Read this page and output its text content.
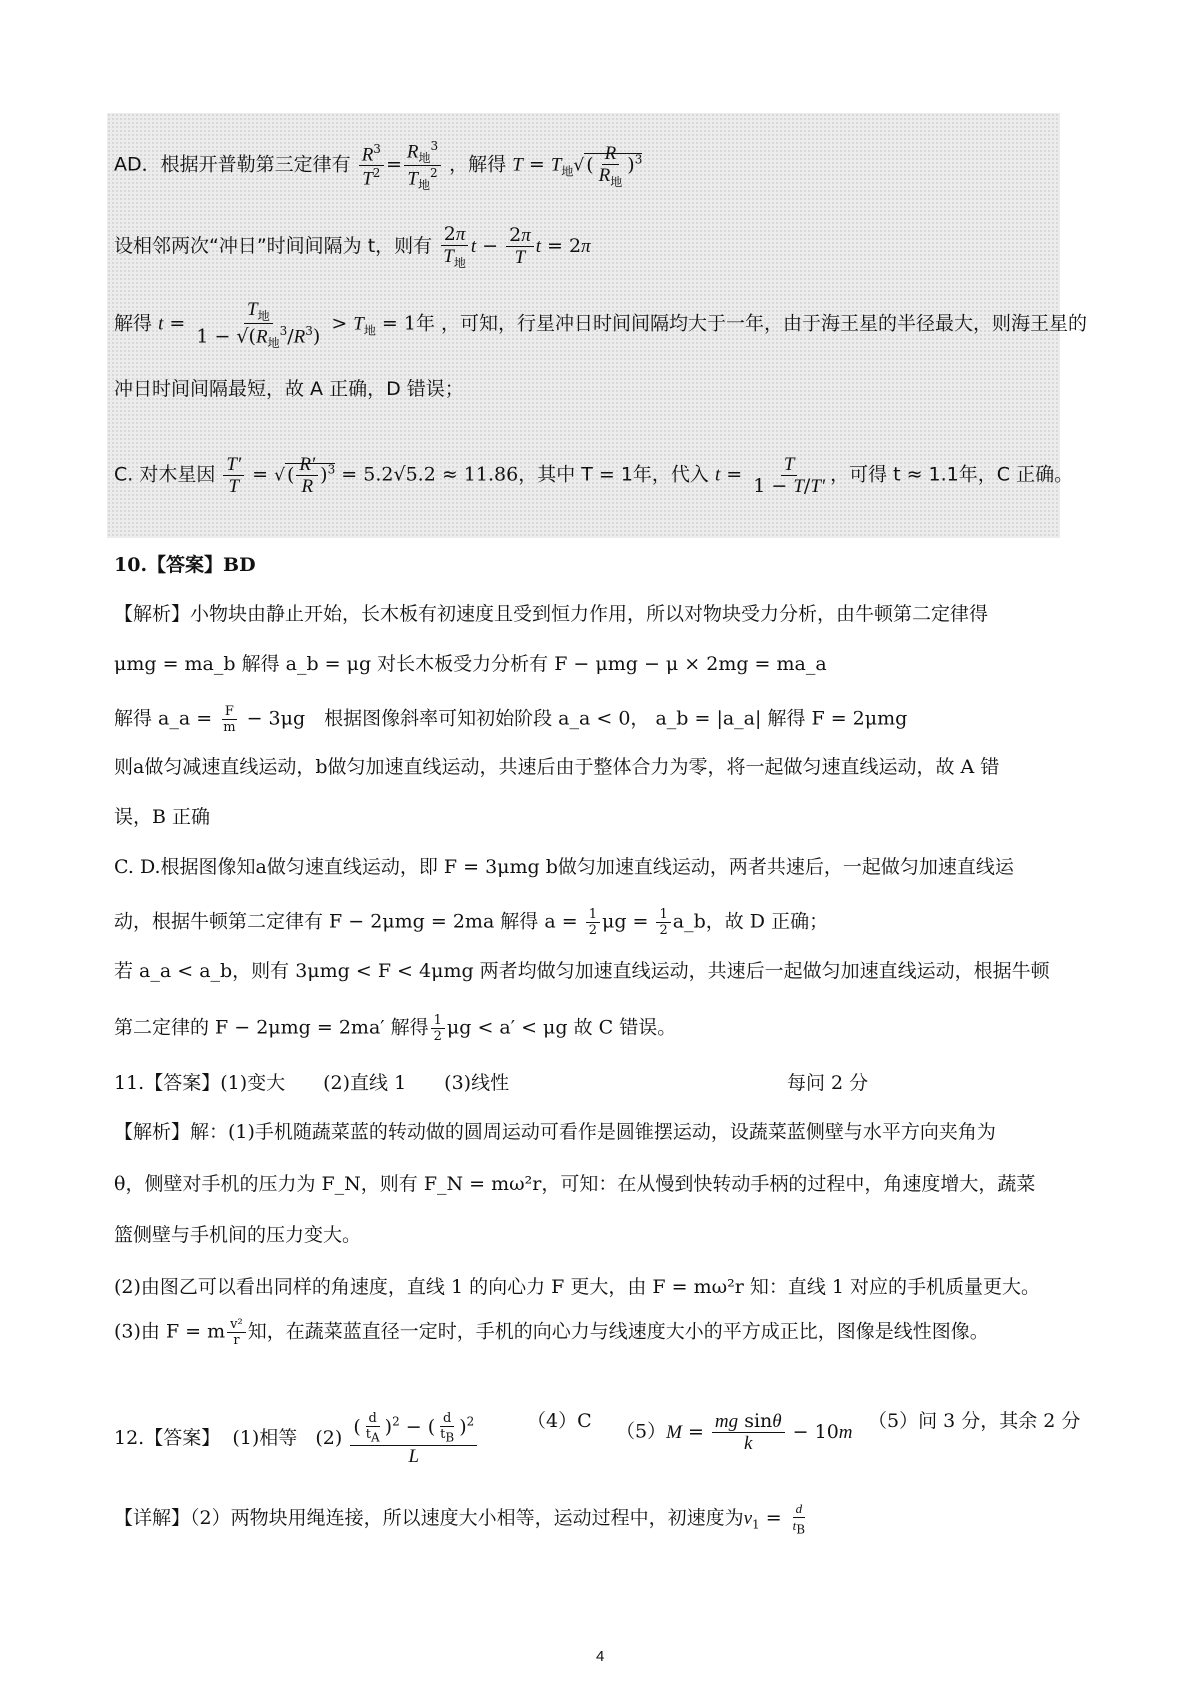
AD．根据开普勒第三定律有 $\frac{R^3}{T^2} = \frac{R_地^3}{T_地^2}$ ，解得 $T = T_地√$ ( $\frac{R}{R_地} )^3$
设相邻两次“冲日”时间间隔为 t，则有 $\frac{2\pi}{T_地}$ $t - \frac{2\pi}{T}$ t = 2π
解得 $t = \frac{T_地}{1 - √(R_地^3/R^3)} > T_地 = 1$年 ，可知，行星冲日时间间隔均大于一年，由于海王星的半径最大，则海王星的
冲日时间间隔最短，故 A 正确，D 错误；
C. 对木星因 $\frac{T'}{T}$ = √ ( $\frac{R'}{R} )^3 = 5.2√5.2 \approx 11.86$，其中 T = 1年，代入 $t = \frac{T}{1 - T/T'}$ ，可得 t ≈ 1.1年，C 正确。
10.【答案】BD
【解析】小物块由静止开始，长木板有初速度且受到恒力作用，所以对物块受力分析，由牛顿第二定律得
μmg = ma_b 解得 a_b = μg 对长木板受力分析有 F − μmg − μ × 2mg = ma_a
解得 a_a = $\frac{F}{m} - 3\mu g$　根据图像斜率可知初始阶段 a_a < 0， a_b = |a_a| 解得 F = 2μmg
则a做匀减速直线运动，b做匀加速直线运动，共速后由于整体合力为零，将一起做匀速直线运动，故 A 错
误，B 正确
C. D.根据图像知a做匀速直线运动，即 F = 3μmg b做匀加速直线运动，两者共速后，一起做匀加速直线运
动，根据牛顿第二定律有 F − 2μmg = 2ma 解得 $a = \frac{1}{2}$ $\mu g = \frac{1}{2}$ a_b，故 D 正确；
若 a_a < a_b，则有 3μmg < F < 4μmg 两者均做匀加速直线运动，共速后一起做匀加速直线运动，根据牛顿
第二定律的 F − 2μmg = 2ma′ 解得 $\frac{1}{2}$ μg < a′ < μg 故 C 错误。
11.【答案】(1)变大　　(2)直线 1　　(3)线性	每问 2 分
【解析】解：(1)手机随蔬菜蓝的转动做的圆周运动可看作是圆锥摆运动，设蔬菜蓝侧壁与水平方向夹角为
θ，侧壁对手机的压力为 F_N，则有 F_N = mω²r，可知：在从慢到快转动手柄的过程中，角速度增大，蔬菜
篮侧壁与手机间的压力变大。
(2)由图乙可以看出同样的角速度，直线 1 的向心力 F 更大，由 F = mω²r 知：直线 1 对应的手机质量更大。
(3)由 F = m $\frac{\text{v²}}{r}$ 知，在蔬菜蓝直径一定时，手机的向心力与线速度大小的平方成正比，图像是线性图像。
12.【答案】 (1)相等 $(2) \frac{( \frac{d}{t_A} )^2 - ( \frac{d}{t_B} )^2}{L}$	（4）C $(5)M = \frac{\text{mg sinθ}}{k} - 10m$ （5）问 3 分，其余 2 分
【详解】（2）两物块用绳连接，所以速度大小相等，运动过程中，初速度为$v_1 = \frac{d}{t_B}$
4
